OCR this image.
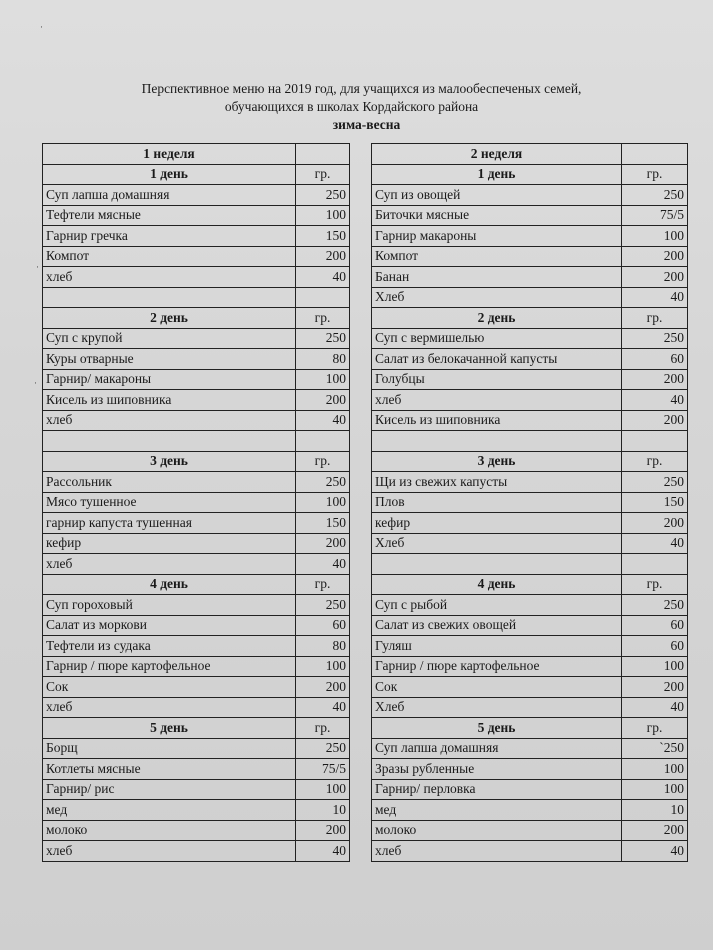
Перспективное меню на 2019 год, для учащихся из малообеспеченых семей,
обучающихся в школах Кордайского района
зима-весна
1 неделя	
1 день	гр.
Суп лапша домашняя	250
Тефтели мясные	100
Гарнир гречка	150
Компот	200
хлеб	40

2 день	гр.
Суп с крупой	250
Куры отварные	80
Гарнир/ макароны	100
Кисель из шиповника	200
хлеб	40

3 день	гр.
Рассольник	250
Мясо тушенное	100
гарнир капуста тушенная	150
кефир	200
хлеб	40
4 день	гр.
Суп гороховый	250
Салат из моркови	60
Тефтели из судака	80
Гарнир / пюре картофельное	100
Сок	200
хлеб	40
5 день	гр.
Борщ	250
Котлеты мясные	75/5
Гарнир/ рис	100
мед	10
молоко	200
хлеб	40
2 неделя	
1 день	гр.
Суп из овощей	250
Биточки мясные	75/5
Гарнир макароны	100
Компот	200
Банан	200
Хлеб	40
2 день	гр.
Суп с вермишелью	250
Салат из белокачанной капусты	60
Голубцы	200
хлеб	40
Кисель из шиповника	200

3 день	гр.
Щи из свежих капусты	250
Плов	150
кефир	200
Хлеб	40

4 день	гр.
Суп с рыбой	250
Салат из свежих овощей	60
Гуляш	60
Гарнир / пюре картофельное	100
Сок	200
Хлеб	40
5 день	гр.
Суп лапша домашняя	`250
Зразы рубленные	100
Гарнир/ перловка	100
мед	10
молоко	200
хлеб	40
·
·
·
